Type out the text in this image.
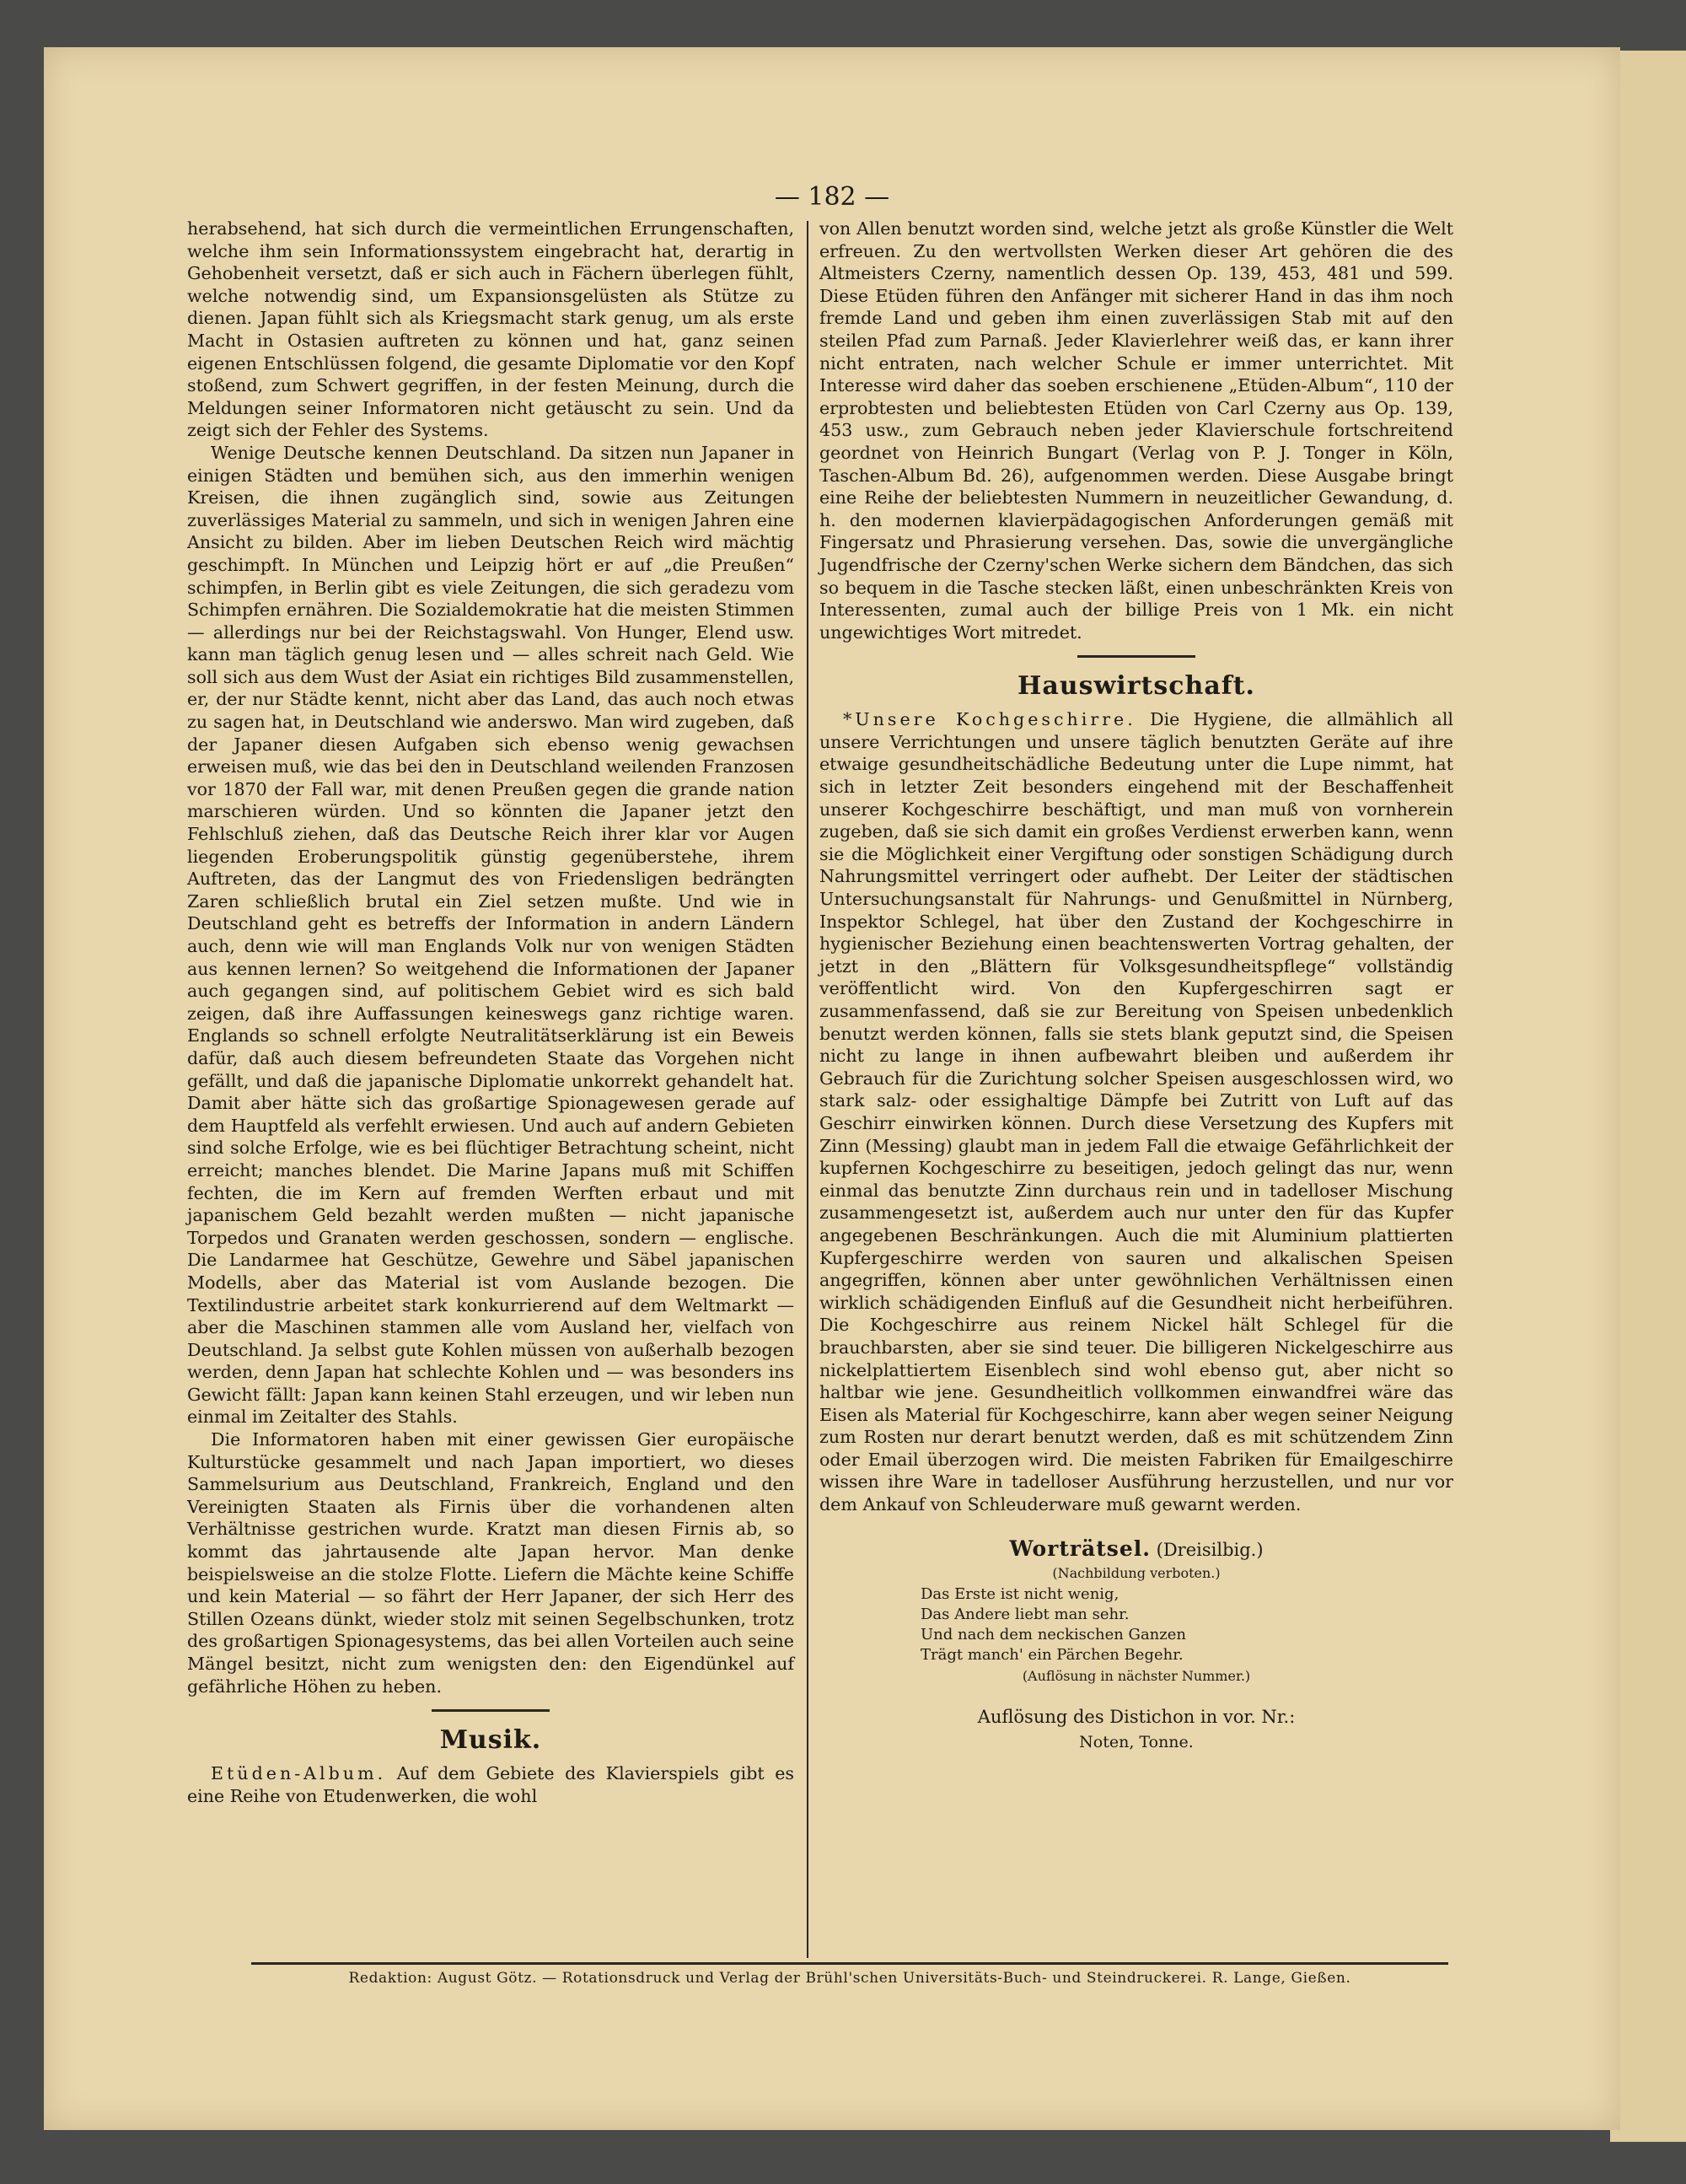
— 182 —

herabsehend, hat sich durch die vermeintlichen Errungenschaften, welche ihm sein Informationssystem eingebracht hat, derartig in Gehobenheit versetzt, daß er sich auch in Fächern überlegen fühlt, welche notwendig sind, um Expansionsgelüsten als Stütze zu dienen. Japan fühlt sich als Kriegsmacht stark genug, um als erste Macht in Ostasien auftreten zu können und hat, ganz seinen eigenen Entschlüssen folgend, die gesamte Diplomatie vor den Kopf stoßend, zum Schwert gegriffen, in der festen Meinung, durch die Meldungen seiner Informatoren nicht getäuscht zu sein. Und da zeigt sich der Fehler des Systems.

Wenige Deutsche kennen Deutschland. Da sitzen nun Japaner in einigen Städten und bemühen sich, aus den immerhin wenigen Kreisen, die ihnen zugänglich sind, sowie aus Zeitungen zuverlässiges Material zu sammeln, und sich in wenigen Jahren eine Ansicht zu bilden. Aber im lieben Deutschen Reich wird mächtig geschimpft. In München und Leipzig hört er auf „die Preußen“ schimpfen, in Berlin gibt es viele Zeitungen, die sich geradezu vom Schimpfen ernähren. Die Sozialdemokratie hat die meisten Stimmen — allerdings nur bei der Reichstagswahl. Von Hunger, Elend usw. kann man täglich genug lesen und — alles schreit nach Geld. Wie soll sich aus dem Wust der Asiat ein richtiges Bild zusammenstellen, er, der nur Städte kennt, nicht aber das Land, das auch noch etwas zu sagen hat, in Deutschland wie anderswo. Man wird zugeben, daß der Japaner diesen Aufgaben sich ebenso wenig gewachsen erweisen muß, wie das bei den in Deutschland weilenden Franzosen vor 1870 der Fall war, mit denen Preußen gegen die grande nation marschieren würden. Und so könnten die Japaner jetzt den Fehlschluß ziehen, daß das Deutsche Reich ihrer klar vor Augen liegenden Eroberungspolitik günstig gegenüberstehe, ihrem Auftreten, das der Langmut des von Friedensligen bedrängten Zaren schließlich brutal ein Ziel setzen mußte. Und wie in Deutschland geht es betreffs der Information in andern Ländern auch, denn wie will man Englands Volk nur von wenigen Städten aus kennen lernen? So weitgehend die Informationen der Japaner auch gegangen sind, auf politischem Gebiet wird es sich bald zeigen, daß ihre Auffassungen keineswegs ganz richtige waren. Englands so schnell erfolgte Neutralitätserklärung ist ein Beweis dafür, daß auch diesem befreundeten Staate das Vorgehen nicht gefällt, und daß die japanische Diplomatie unkorrekt gehandelt hat. Damit aber hätte sich das großartige Spionagewesen gerade auf dem Hauptfeld als verfehlt erwiesen. Und auch auf andern Gebieten sind solche Erfolge, wie es bei flüchtiger Betrachtung scheint, nicht erreicht; manches blendet. Die Marine Japans muß mit Schiffen fechten, die im Kern auf fremden Werften erbaut und mit japanischem Geld bezahlt werden mußten — nicht japanische Torpedos und Granaten werden geschossen, sondern — englische. Die Landarmee hat Geschütze, Gewehre und Säbel japanischen Modells, aber das Material ist vom Auslande bezogen. Die Textilindustrie arbeitet stark konkurrierend auf dem Weltmarkt — aber die Maschinen stammen alle vom Ausland her, vielfach von Deutschland. Ja selbst gute Kohlen müssen von außerhalb bezogen werden, denn Japan hat schlechte Kohlen und — was besonders ins Gewicht fällt: Japan kann keinen Stahl erzeugen, und wir leben nun einmal im Zeitalter des Stahls.

Die Informatoren haben mit einer gewissen Gier europäische Kulturstücke gesammelt und nach Japan importiert, wo dieses Sammelsurium aus Deutschland, Frankreich, England und den Vereinigten Staaten als Firnis über die vorhandenen alten Verhältnisse gestrichen wurde. Kratzt man diesen Firnis ab, so kommt das jahrtausende alte Japan hervor. Man denke beispielsweise an die stolze Flotte. Liefern die Mächte keine Schiffe und kein Material — so fährt der Herr Japaner, der sich Herr des Stillen Ozeans dünkt, wieder stolz mit seinen Segelbschunken, trotz des großartigen Spionagesystems, das bei allen Vorteilen auch seine Mängel besitzt, nicht zum wenigsten den: den Eigendünkel auf gefährliche Höhen zu heben.

Musik.

Etüden-Album. Auf dem Gebiete des Klavierspiels gibt es eine Reihe von Etudenwerken, die wohl

von Allen benutzt worden sind, welche jetzt als große Künstler die Welt erfreuen. Zu den wertvollsten Werken dieser Art gehören die des Altmeisters Czerny, namentlich dessen Op. 139, 453, 481 und 599. Diese Etüden führen den Anfänger mit sicherer Hand in das ihm noch fremde Land und geben ihm einen zuverlässigen Stab mit auf den steilen Pfad zum Parnaß. Jeder Klavierlehrer weiß das, er kann ihrer nicht entraten, nach welcher Schule er immer unterrichtet. Mit Interesse wird daher das soeben erschienene „Etüden-Album“, 110 der erprobtesten und beliebtesten Etüden von Carl Czerny aus Op. 139, 453 usw., zum Gebrauch neben jeder Klavierschule fortschreitend geordnet von Heinrich Bungart (Verlag von P. J. Tonger in Köln, Taschen-Album Bd. 26), aufgenommen werden. Diese Ausgabe bringt eine Reihe der beliebtesten Nummern in neuzeitlicher Gewandung, d. h. den modernen klavierpädagogischen Anforderungen gemäß mit Fingersatz und Phrasierung versehen. Das, sowie die unvergängliche Jugendfrische der Czerny'schen Werke sichern dem Bändchen, das sich so bequem in die Tasche stecken läßt, einen unbeschränkten Kreis von Interessenten, zumal auch der billige Preis von 1 Mk. ein nicht ungewichtiges Wort mitredet.

Hauswirtschaft.

*Unsere Kochgeschirre. Die Hygiene, die allmählich all unsere Verrichtungen und unsere täglich benutzten Geräte auf ihre etwaige gesundheitschädliche Bedeutung unter die Lupe nimmt, hat sich in letzter Zeit besonders eingehend mit der Beschaffenheit unserer Kochgeschirre beschäftigt, und man muß von vornherein zugeben, daß sie sich damit ein großes Verdienst erwerben kann, wenn sie die Möglichkeit einer Vergiftung oder sonstigen Schädigung durch Nahrungsmittel verringert oder aufhebt. Der Leiter der städtischen Untersuchungsanstalt für Nahrungs- und Genußmittel in Nürnberg, Inspektor Schlegel, hat über den Zustand der Kochgeschirre in hygienischer Beziehung einen beachtenswerten Vortrag gehalten, der jetzt in den „Blättern für Volksgesundheitspflege“ vollständig veröffentlicht wird. Von den Kupfergeschirren sagt er zusammenfassend, daß sie zur Bereitung von Speisen unbedenklich benutzt werden können, falls sie stets blank geputzt sind, die Speisen nicht zu lange in ihnen aufbewahrt bleiben und außerdem ihr Gebrauch für die Zurichtung solcher Speisen ausgeschlossen wird, wo stark salz- oder essighaltige Dämpfe bei Zutritt von Luft auf das Geschirr einwirken können. Durch diese Versetzung des Kupfers mit Zinn (Messing) glaubt man in jedem Fall die etwaige Gefährlichkeit der kupfernen Kochgeschirre zu beseitigen, jedoch gelingt das nur, wenn einmal das benutzte Zinn durchaus rein und in tadelloser Mischung zusammengesetzt ist, außerdem auch nur unter den für das Kupfer angegebenen Beschränkungen. Auch die mit Aluminium plattierten Kupfergeschirre werden von sauren und alkalischen Speisen angegriffen, können aber unter gewöhnlichen Verhältnissen einen wirklich schädigenden Einfluß auf die Gesundheit nicht herbeiführen. Die Kochgeschirre aus reinem Nickel hält Schlegel für die brauchbarsten, aber sie sind teuer. Die billigeren Nickelgeschirre aus nickelplattiertem Eisenblech sind wohl ebenso gut, aber nicht so haltbar wie jene. Gesundheitlich vollkommen einwandfrei wäre das Eisen als Material für Kochgeschirre, kann aber wegen seiner Neigung zum Rosten nur derart benutzt werden, daß es mit schützendem Zinn oder Email überzogen wird. Die meisten Fabriken für Emailgeschirre wissen ihre Ware in tadelloser Ausführung herzustellen, und nur vor dem Ankauf von Schleuderware muß gewarnt werden.

Worträtsel. (Dreisilbig.)
(Nachbildung verboten.)
Das Erste ist nicht wenig,
Das Andere liebt man sehr.
Und nach dem neckischen Ganzen
Trägt manch' ein Pärchen Begehr.
(Auflösung in nächster Nummer.)
Auflösung des Distichon in vor. Nr.:
Noten, Tonne.
Redaktion: August Götz. — Rotationsdruck und Verlag der Brühl'schen Universitäts-Buch- und Steindruckerei. R. Lange, Gießen.
